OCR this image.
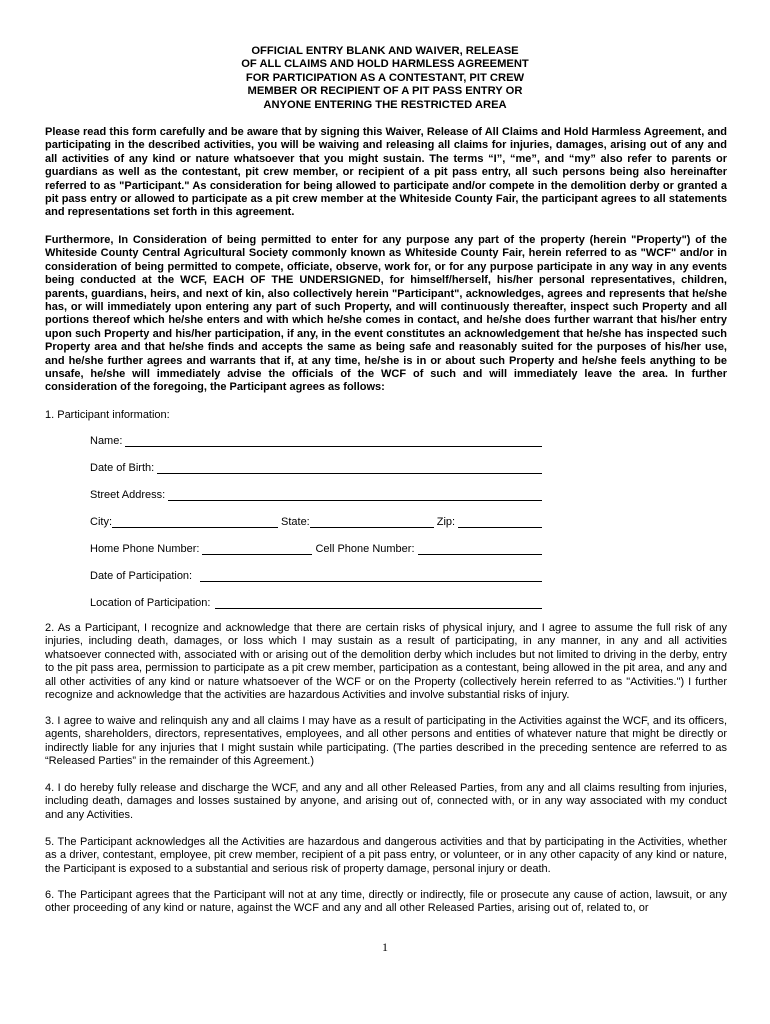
OFFICIAL ENTRY BLANK AND WAIVER, RELEASE
OF ALL CLAIMS AND HOLD HARMLESS AGREEMENT
FOR PARTICIPATION AS A CONTESTANT, PIT CREW
MEMBER OR RECIPIENT OF A PIT PASS ENTRY OR
ANYONE ENTERING THE RESTRICTED AREA
Please read this form carefully and be aware that by signing this Waiver, Release of All Claims and Hold Harmless Agreement, and participating in the described activities, you will be waiving and releasing all claims for injuries, damages, arising out of any and all activities of any kind or nature whatsoever that you might sustain. The terms “I”, “me”, and “my” also refer to parents or guardians as well as the contestant, pit crew member, or recipient of a pit pass entry, all such persons being also hereinafter referred to as "Participant." As consideration for being allowed to participate and/or compete in the demolition derby or granted a pit pass entry or allowed to participate as a pit crew member at the Whiteside County Fair, the participant agrees to all statements and representations set forth in this agreement.
Furthermore, In Consideration of being permitted to enter for any purpose any part of the property (herein "Property") of the Whiteside County Central Agricultural Society commonly known as Whiteside County Fair, herein referred to as "WCF" and/or in consideration of being permitted to compete, officiate, observe, work for, or for any purpose participate in any way in any events being conducted at the WCF, EACH OF THE UNDERSIGNED, for himself/herself, his/her personal representatives, children, parents, guardians, heirs, and next of kin, also collectively herein "Participant", acknowledges, agrees and represents that he/she has, or will immediately upon entering any part of such Property, and will continuously thereafter, inspect such Property and all portions thereof which he/she enters and with which he/she comes in contact, and he/she does further warrant that his/her entry upon such Property and his/her participation, if any, in the event constitutes an acknowledgement that he/she has inspected such Property area and that he/she finds and accepts the same as being safe and reasonably suited for the purposes of his/her use, and he/she further agrees and warrants that if, at any time, he/she is in or about such Property and he/she feels anything to be unsafe, he/she will immediately advise the officials of the WCF of such and will immediately leave the area. In further consideration of the foregoing, the Participant agrees as follows:
1. Participant information:
Name:
Date of Birth:
Street Address:
City:	State:	Zip:
Home Phone Number:	Cell Phone Number:
Date of Participation:
Location of Participation:
2. As a Participant, I recognize and acknowledge that there are certain risks of physical injury, and I agree to assume the full risk of any injuries, including death, damages, or loss which I may sustain as a result of participating, in any manner, in any and all activities whatsoever connected with, associated with or arising out of the demolition derby which includes but not limited to driving in the derby, entry to the pit pass area, permission to participate as a pit crew member, participation as a contestant, being allowed in the pit area, and any and all other activities of any kind or nature whatsoever of the WCF or on the Property (collectively herein referred to as "Activities.") I further recognize and acknowledge that the activities are hazardous Activities and involve substantial risks of injury.
3. I agree to waive and relinquish any and all claims I may have as a result of participating in the Activities against the WCF, and its officers, agents, shareholders, directors, representatives, employees, and all other persons and entities of whatever nature that might be directly or indirectly liable for any injuries that I might sustain while participating. (The parties described in the preceding sentence are referred to as “Released Parties” in the remainder of this Agreement.)
4. I do hereby fully release and discharge the WCF, and any and all other Released Parties, from any and all claims resulting from injuries, including death, damages and losses sustained by anyone, and arising out of, connected with, or in any way associated with my conduct and any Activities.
5. The Participant acknowledges all the Activities are hazardous and dangerous activities and that by participating in the Activities, whether as a driver, contestant, employee, pit crew member, recipient of a pit pass entry, or volunteer, or in any other capacity of any kind or nature, the Participant is exposed to a substantial and serious risk of property damage, personal injury or death.
6. The Participant agrees that the Participant will not at any time, directly or indirectly, file or prosecute any cause of action, lawsuit, or any other proceeding of any kind or nature, against the WCF and any and all other Released Parties, arising out of, related to, or
1
